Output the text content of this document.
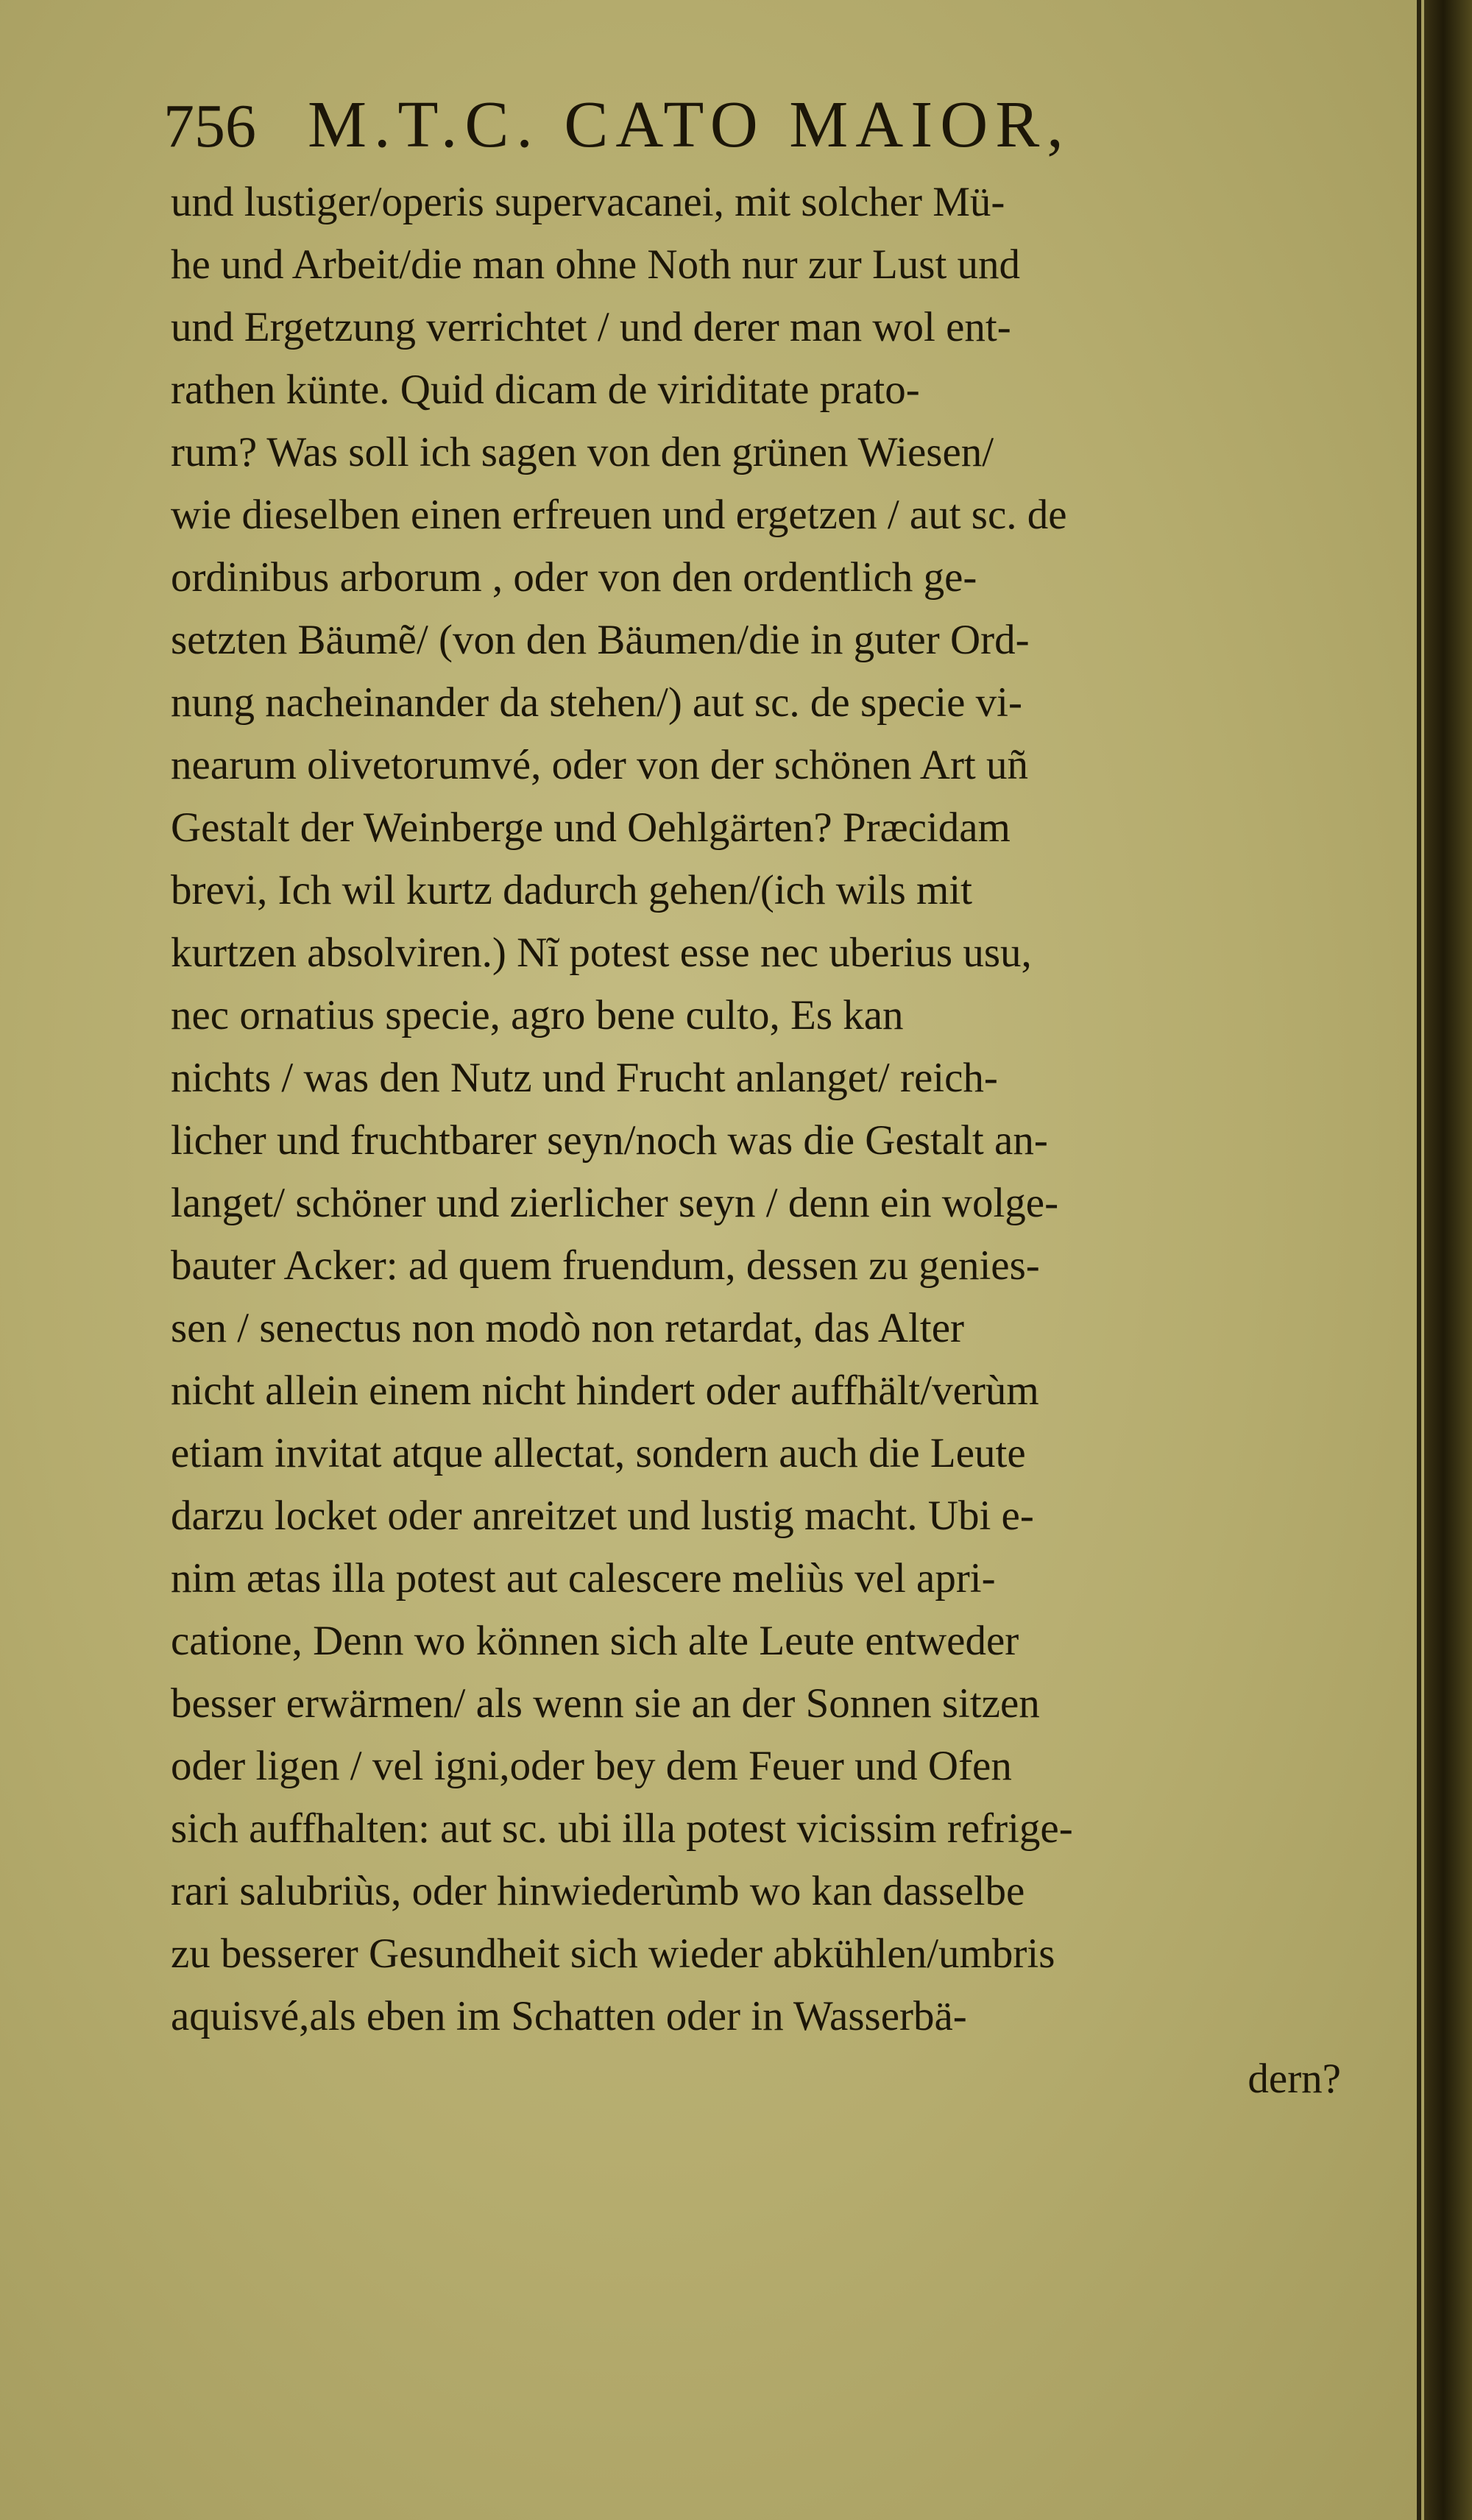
756 M.T.C. CATO MAIOR,
und lustiger/operis supervacanei, mit solcher Mü-
he und Arbeit/die man ohne Noth nur zur Lust und
und Ergetzung verrichtet / und derer man wol ent-
rathen künte. Quid dicam de viriditate prato-
rum? Was soll ich sagen von den grünen Wiesen/
wie dieselben einen erfreuen und ergetzen / aut sc. de
ordinibus arborum , oder von den ordentlich ge-
setzten Bäumẽ/ (von den Bäumen/die in guter Ord-
nung nacheinander da stehen/) aut sc. de specie vi-
nearum olivetorumvé, oder von der schönen Art uñ
Gestalt der Weinberge und Oehlgärten? Præcidam
brevi, Ich wil kurtz dadurch gehen/(ich wils mit
kurtzen absolviren.) Nĩ potest esse nec uberius usu,
nec ornatius specie, agro bene culto, Es kan
nichts / was den Nutz und Frucht anlanget/ reich-
licher und fruchtbarer seyn/noch was die Gestalt an-
langet/ schöner und zierlicher seyn / denn ein wolge-
bauter Acker: ad quem fruendum, dessen zu genies-
sen / senectus non modò non retardat, das Alter
nicht allein einem nicht hindert oder auffhält/verùm
etiam invitat atque allectat, sondern auch die Leute
darzu locket oder anreitzet und lustig macht. Ubi e-
nim ætas illa potest aut calescere meliùs vel apri-
catione, Denn wo können sich alte Leute entweder
besser erwärmen/ als wenn sie an der Sonnen sitzen
oder ligen / vel igni,oder bey dem Feuer und Ofen
sich auffhalten: aut sc. ubi illa potest vicissim refrige-
rari salubriùs, oder hinwiederùmb wo kan dasselbe
zu besserer Gesundheit sich wieder abkühlen/umbris
aquisvé,als eben im Schatten oder in Wasserbä-
dern?
